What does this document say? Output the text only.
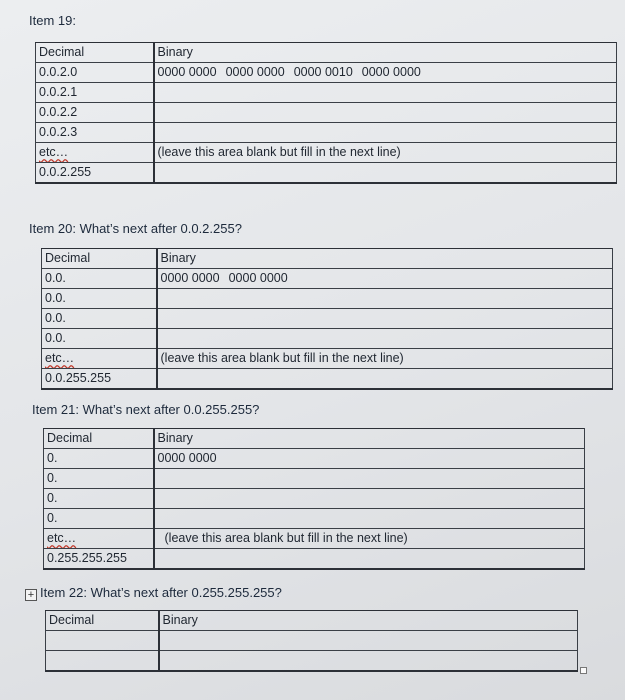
Item 19:
Decimal	Binary
0.0.2.0	0000 0000 0000 0000 0000 0010 0000 0000
0.0.2.1	
0.0.2.2	
0.0.2.3	
etc…	(leave this area blank but fill in the next line)
0.0.2.255	
Item 20: What’s next after 0.0.2.255?
Decimal	Binary
0.0.	0000 0000 0000 0000
0.0.	
0.0.	
0.0.	
etc…	(leave this area blank but fill in the next line)
0.0.255.255	
Item 21: What’s next after 0.0.255.255?
Decimal	Binary
0.	0000 0000
0.	
0.	
0.	
etc…	(leave this area blank but fill in the next line)
0.255.255.255	
+ Item 22: What’s next after 0.255.255.255?
Decimal	Binary
